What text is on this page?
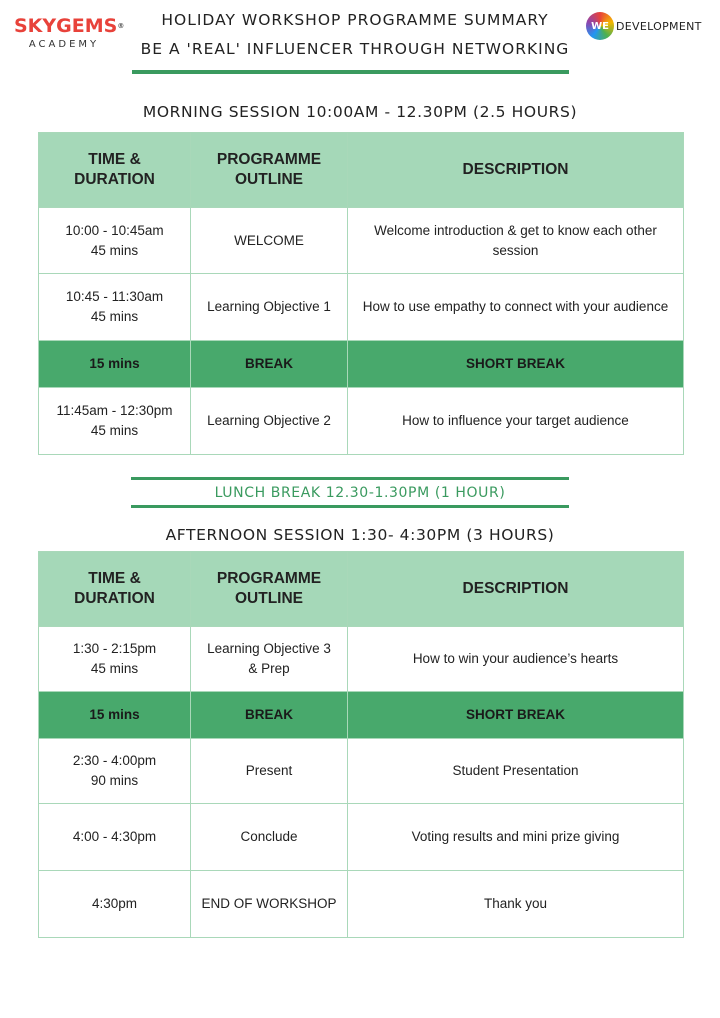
SKYGEMS®
ACADEMY
HOLIDAY WORKSHOP PROGRAMME SUMMARY
BE A 'REAL' INFLUENCER THROUGH NETWORKING
WE DEVELOPMENT
MORNING SESSION 10:00AM - 12.30PM (2.5 HOURS)
TIME & DURATION	PROGRAMME OUTLINE	DESCRIPTION

10:00 - 10:45am
45 mins	WELCOME	Welcome introduction & get to know each other session

10:45 - 11:30am
45 mins	Learning Objective 1	How to use empathy to connect with your audience
15 mins	BREAK	SHORT BREAK

11:45am - 12:30pm
45 mins	Learning Objective 2	How to influence your target audience
LUNCH BREAK 12.30-1.30PM (1 HOUR)
AFTERNOON SESSION 1:30- 4:30PM (3 HOURS)
TIME & DURATION	PROGRAMME OUTLINE	DESCRIPTION

1:30 - 2:15pm
45 mins	Learning Objective 3 & Prep	How to win your audience’s hearts
15 mins	BREAK	SHORT BREAK

2:30 - 4:00pm
90 mins	Present	Student Presentation
4:00 - 4:30pm	Conclude	Voting results and mini prize giving
4:30pm	END OF WORKSHOP	Thank you
